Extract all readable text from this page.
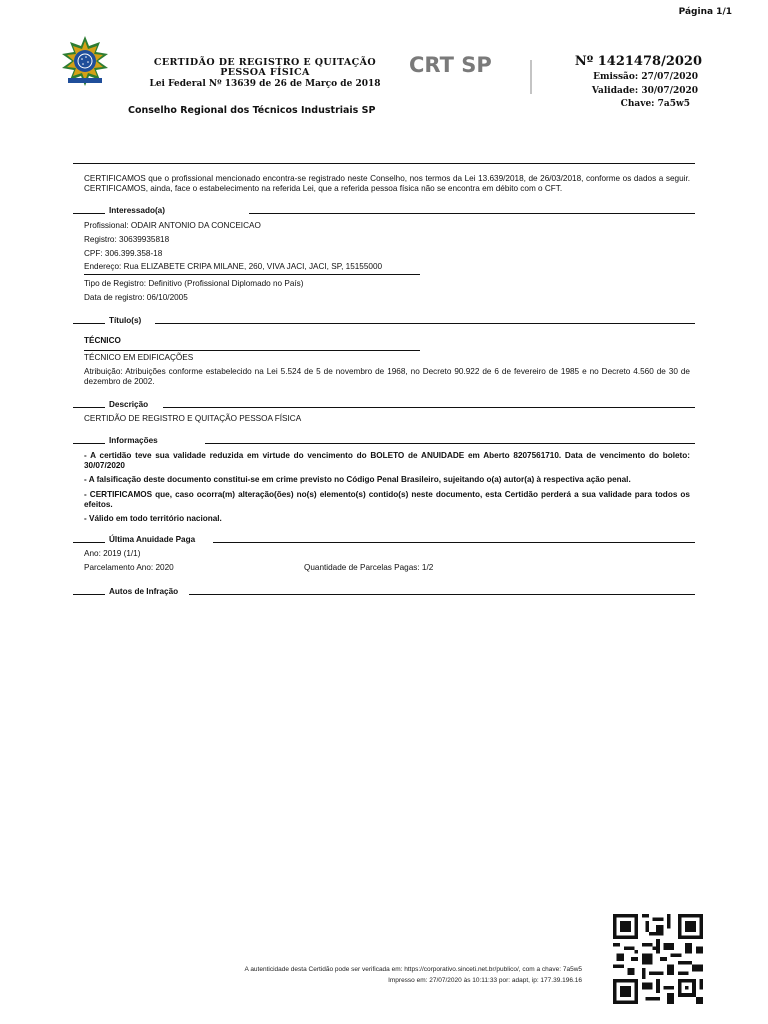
Página 1/1
CERTIDÃO DE REGISTRO E QUITAÇÃO
PESSOA FÍSICA
Lei Federal Nº 13639 de 26 de Março de 2018
Conselho Regional dos Técnicos Industriais SP
CRT SP	Nº 1421478/2020
Emissão: 27/07/2020
Validade: 30/07/2020
Chave: 7a5w5
CERTIFICAMOS que o profissional mencionado encontra-se registrado neste Conselho, nos termos da Lei 13.639/2018, de 26/03/2018, conforme os dados a seguir. CERTIFICAMOS, ainda, face o estabelecimento na referida Lei, que a referida pessoa física não se encontra em débito com o CFT.
Interessado(a)
Profissional: ODAIR ANTONIO DA CONCEICAO
Registro: 30639935818
CPF: 306.399.358-18
Endereço: Rua ELIZABETE CRIPA MILANE, 260, VIVA JACI, JACI, SP, 15155000
Tipo de Registro: Definitivo (Profissional Diplomado no País)
Data de registro: 06/10/2005
Título(s)
TÉCNICO
TÉCNICO EM EDIFICAÇÕES
Atribuição: Atribuições conforme estabelecido na Lei 5.524 de 5 de novembro de 1968, no Decreto 90.922 de 6 de fevereiro de 1985 e no Decreto 4.560 de 30 de dezembro de 2002.
Descrição
CERTIDÃO DE REGISTRO E QUITAÇÃO PESSOA FÍSICA
Informações
- A certidão teve sua validade reduzida em virtude do vencimento do BOLETO de ANUIDADE em Aberto 8207561710. Data de vencimento do boleto: 30/07/2020
- A falsificação deste documento constitui-se em crime previsto no Código Penal Brasileiro, sujeitando o(a) autor(a) à respectiva ação penal.
- CERTIFICAMOS que, caso ocorra(m) alteração(ões) no(s) elemento(s) contido(s) neste documento, esta Certidão perderá a sua validade para todos os efeitos.
- Válido em todo território nacional.
Última Anuidade Paga
Ano: 2019 (1/1)
Parcelamento Ano: 2020	Quantidade de Parcelas Pagas: 1/2
Autos de Infração
A autenticidade desta Certidão pode ser verificada em: https://corporativo.sinceti.net.br/publico/, com a chave: 7a5w5
Impresso em: 27/07/2020 às 10:11:33 por: adapt, ip: 177.39.196.16
